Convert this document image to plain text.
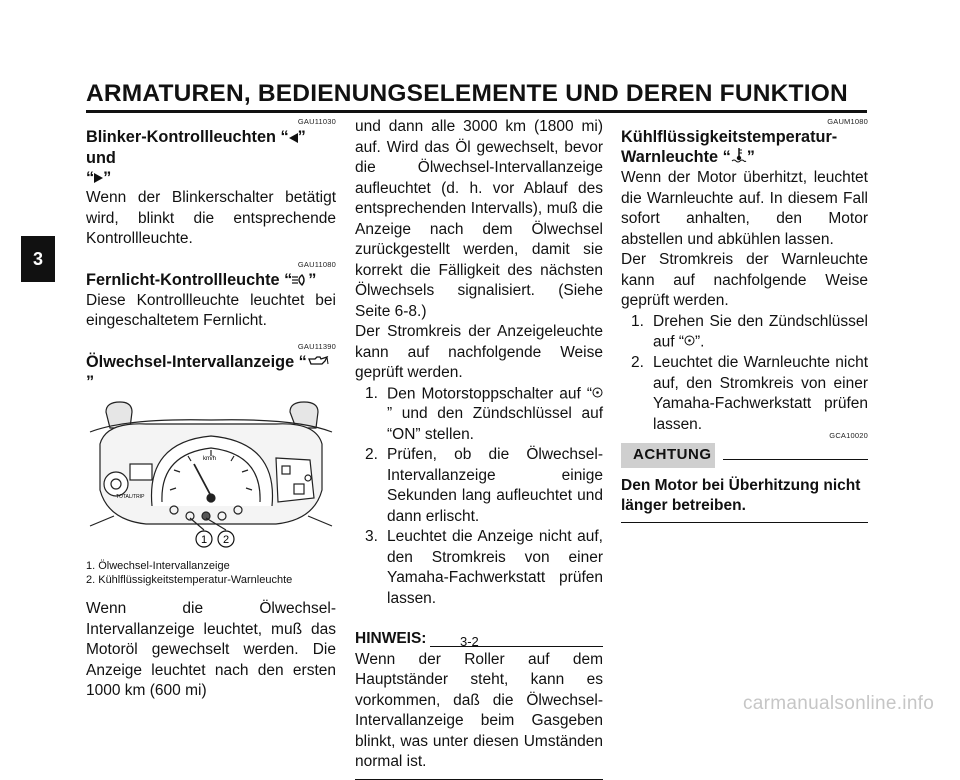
ARMATUREN, BEDIENUNGSELEMENTE UND DEREN FUNKTION
3

GAU11030

Blinker-Kontrollleuchten “ ” und
“ ”

Wenn der Blinkerschalter betätigt wird, blinkt die entsprechende Kontrollleuchte.

GAU11080

Fernlicht-Kontrollleuchte “ ”

Diese Kontrollleuchte leuchtet bei eingeschaltetem Fernlicht.

GAU11390

Ölwechsel-Intervallanzeige “”

km/h
TOTAL/TRIP
1 2

1. Ölwechsel-Intervallanzeige

2. Kühlflüssigkeitstemperatur-Warnleuchte

Wenn die Ölwechsel-Intervallanzeige leuchtet, muß das Motoröl gewechselt werden. Die Anzeige leuchtet nach den ersten 1000 km (600 mi)

und dann alle 3000 km (1800 mi) auf. Wird das Öl gewechselt, bevor die Ölwechsel-Intervallanzeige aufleuchtet (d. h. vor Ablauf des entsprechenden Intervalls), muß die Anzeige nach dem Ölwechsel zurückgestellt werden, damit sie korrekt die Fälligkeit des nächsten Ölwechsels signalisiert. (Siehe Seite 6-8.)

Der Stromkreis der Anzeigeleuchte kann auf nachfolgende Weise geprüft werden.

1. Den Motorstoppschalter auf “” und den Zündschlüssel auf “ON” stellen.

2. Prüfen, ob die Ölwechsel-Intervallanzeige einige Sekunden lang aufleuchtet und dann erlischt.

3. Leuchtet die Anzeige nicht auf, den Stromkreis von einer Yamaha-Fachwerkstatt prüfen lassen.

HINWEIS:

Wenn der Roller auf dem Hauptständer steht, kann es vorkommen, daß die Ölwechsel-Intervallanzeige beim Gasgeben blinkt, was unter diesen Umständen normal ist.

GAUM1080

Kühlflüssigkeitstemperatur-
Warnleuchte “ ”

Wenn der Motor überhitzt, leuchtet die Warnleuchte auf. In diesem Fall sofort anhalten, den Motor abstellen und abkühlen lassen.

Der Stromkreis der Warnleuchte kann auf nachfolgende Weise geprüft werden.

1. Drehen Sie den Zündschlüssel auf “ ”.

2. Leuchtet die Warnleuchte nicht auf, den Stromkreis von einer Yamaha-Fachwerkstatt prüfen lassen.

GCA10020

ACHTUNG

Den Motor bei Überhitzung nicht länger betreiben.

3-2
carmanualsonline.info
